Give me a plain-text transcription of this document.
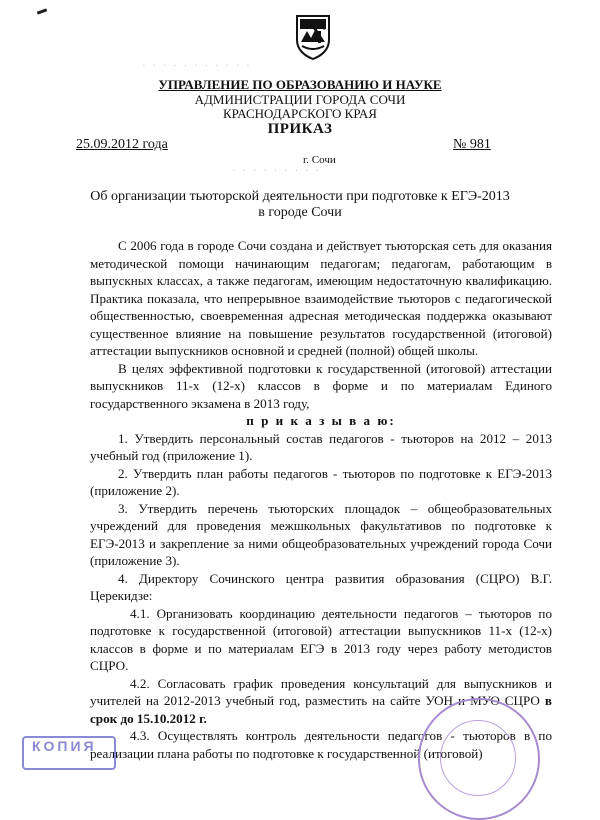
· · · · · · · · · · ·
УПРАВЛЕНИЕ ПО ОБРАЗОВАНИЮ И НАУКЕ
АДМИНИСТРАЦИИ ГОРОДА СОЧИ
КРАСНОДАРСКОГО КРАЯ
ПРИКАЗ
25.09.2012 года	№ 981
· · · · · · · · ·
г. Сочи
Об организации тьюторской деятельности при подготовке к ЕГЭ-2013
в городе Сочи

С 2006 года в городе Сочи создана и действует тьюторская сеть для оказания методической помощи начинающим педагогам; педагогам, работающим в выпускных классах, а также педагогам, имеющим недостаточную квалификацию. Практика показала, что непрерывное взаимодействие тьюторов с педагогической общественностью, своевременная адресная методическая поддержка оказывают существенное влияние на повышение результатов государственной (итоговой) аттестации выпускников основной и средней (полной) общей школы.

В целях эффективной подготовки к государственной (итоговой) аттестации выпускников 11-х (12-х) классов в форме и по материалам Единого государственного экзамена в 2013 году,

п р и к а з ы в а ю:

1. Утвердить персональный состав педагогов - тьюторов на 2012 – 2013 учебный год (приложение 1).

2. Утвердить план работы педагогов - тьюторов по подготовке к ЕГЭ-2013 (приложение 2).

3. Утвердить перечень тьюторских площадок – общеобразовательных учреждений для проведения межшкольных факультативов по подготовке к ЕГЭ-2013 и закрепление за ними общеобразовательных учреждений города Сочи (приложение 3).

4. Директору Сочинского центра развития образования (СЦРО) В.Г. Церекидзе:

4.1. Организовать координацию деятельности педагогов – тьюторов по подготовке к государственной (итоговой) аттестации выпускников 11-х (12-х) классов в форме и по материалам ЕГЭ в 2013 году через работу методистов СЦРО.

4.2. Согласовать график проведения консультаций для выпускников и учителей на 2012-2013 учебный год, разместить на сайте УОН и МУО СЦРО в срок до 15.10.2012 г.

4.3. Осуществлять контроль деятельности педагогов - тьюторов в по реализации плана работы по подготовке к государственной (итоговой)

КОПИЯ
